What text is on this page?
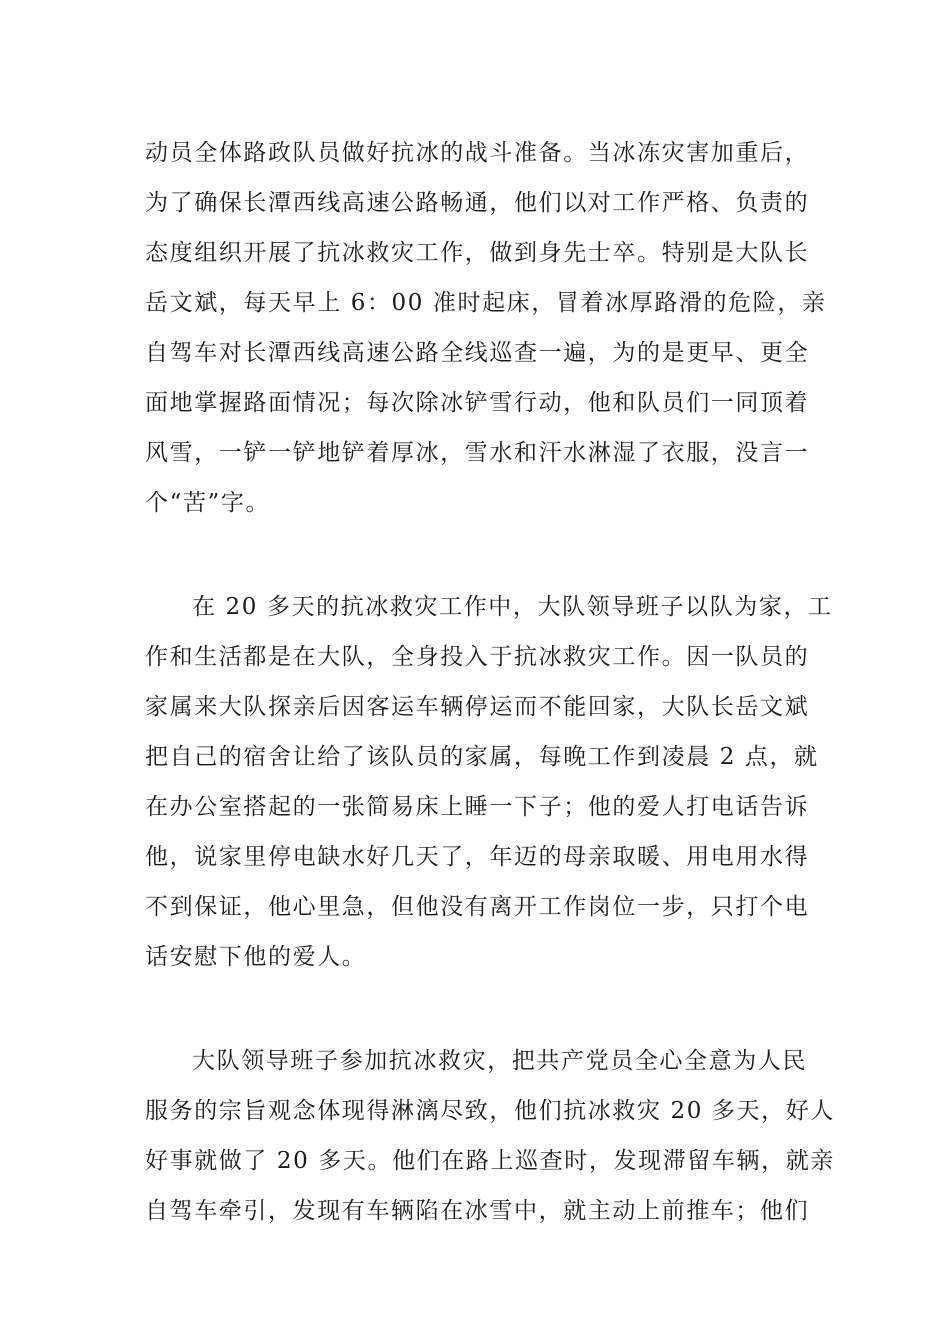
动员全体路政队员做好抗冰的战斗准备。当冰冻灾害加重后，
为了确保长潭西线高速公路畅通，他们以对工作严格、负责的
态度组织开展了抗冰救灾工作，做到身先士卒。特别是大队长
岳文斌，每天早上 6：00 准时起床，冒着冰厚路滑的危险，亲
自驾车对长潭西线高速公路全线巡查一遍，为的是更早、更全
面地掌握路面情况；每次除冰铲雪行动，他和队员们一同顶着
风雪，一铲一铲地铲着厚冰，雪水和汗水淋湿了衣服，没言一
个“苦”字。

在 20 多天的抗冰救灾工作中，大队领导班子以队为家，工
作和生活都是在大队，全身投入于抗冰救灾工作。因一队员的
家属来大队探亲后因客运车辆停运而不能回家，大队长岳文斌
把自己的宿舍让给了该队员的家属，每晚工作到凌晨 2 点，就
在办公室搭起的一张简易床上睡一下子；他的爱人打电话告诉
他，说家里停电缺水好几天了，年迈的母亲取暖、用电用水得
不到保证，他心里急，但他没有离开工作岗位一步，只打个电
话安慰下他的爱人。

大队领导班子参加抗冰救灾，把共产党员全心全意为人民
服务的宗旨观念体现得淋漓尽致，他们抗冰救灾 20 多天，好人
好事就做了 20 多天。他们在路上巡查时，发现滞留车辆，就亲
自驾车牵引，发现有车辆陷在冰雪中，就主动上前推车；他们
